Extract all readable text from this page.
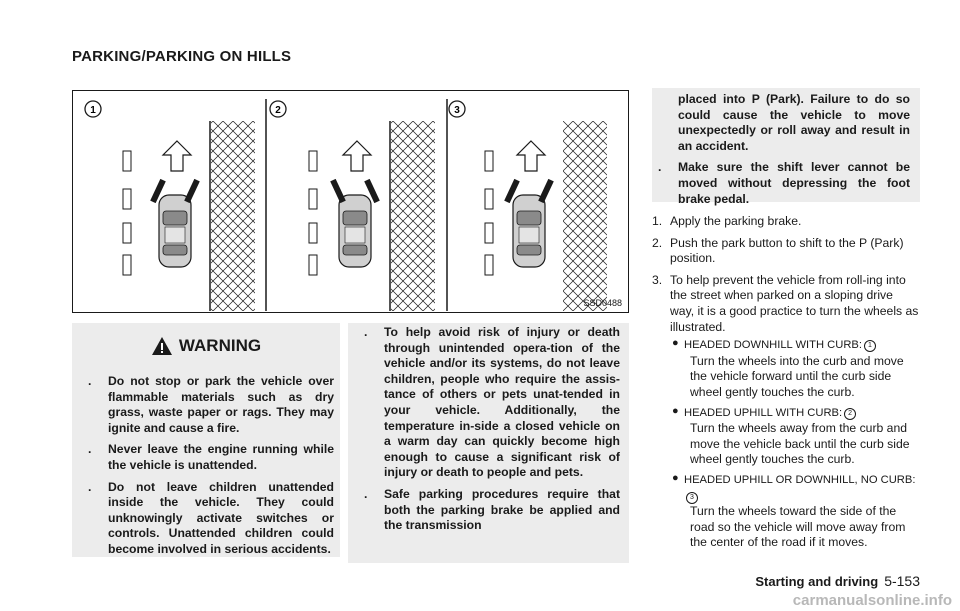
PARKING/PARKING ON HILLS
1	2	3
SSD0488
WARNING
. Do not stop or park the vehicle over flammable materials such as dry grass, waste paper or rags. They may ignite and cause a fire.
. Never leave the engine running while the vehicle is unattended.
. Do not leave children unattended inside the vehicle. They could unknowingly activate switches or controls. Unattended children could become involved in serious accidents.
. To help avoid risk of injury or death through unintended opera-tion of the vehicle and/or its systems, do not leave children, people who require the assis-tance of others or pets unat-tended in your vehicle. Additionally, the temperature in-side a closed vehicle on a warm day can quickly become high enough to cause a significant risk of injury or death to people and pets.
. Safe parking procedures require that both the parking brake be applied and the transmission
placed into P (Park). Failure to do so could cause the vehicle to move unexpectedly or roll away and result in an accident.
. Make sure the shift lever cannot be moved without depressing the foot brake pedal.
1. Apply the parking brake.
2. Push the park button to shift to the P (Park) position.
3. To help prevent the vehicle from roll-ing into the street when parked on a sloping drive way, it is a good practice to turn the wheels as illustrated.
● HEADED DOWNHILL WITH CURB: 1
Turn the wheels into the curb and move the vehicle forward until the curb side wheel gently touches the curb.
● HEADED UPHILL WITH CURB: 2
Turn the wheels away from the curb and move the vehicle back until the curb side wheel gently touches the curb.
● HEADED UPHILL OR DOWNHILL, NO CURB:3
Turn the wheels toward the side of the road so the vehicle will move away from the center of the road if it moves.
Starting and driving 5-153
carmanualsonline.info
